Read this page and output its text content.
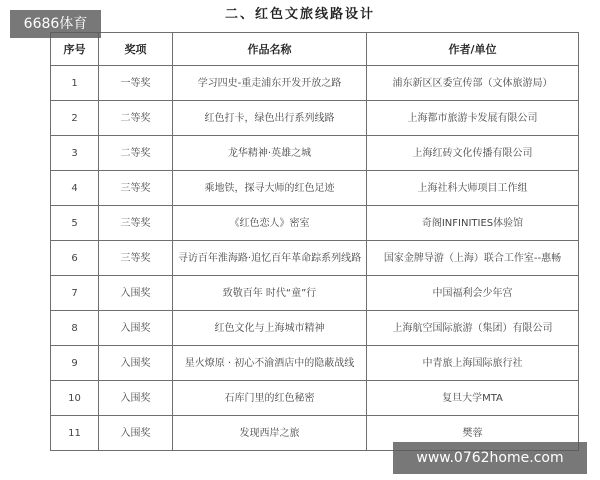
二、红色文旅线路设计
序号	奖项	作品名称	作者/单位
1	一等奖	学习四史-重走浦东开发开放之路	浦东新区区委宣传部（文体旅游局）
2	二等奖	红色打卡，绿色出行系列线路	上海都市旅游卡发展有限公司
3	二等奖	龙华精神·英雄之城	上海红砖文化传播有限公司
4	三等奖	乘地铁，探寻大师的红色足迹	上海社科大师项目工作组
5	三等奖	《红色恋人》密室	奇阁INFINITIES体验馆
6	三等奖	寻访百年淮海路·追忆百年革命踪系列线路	国家金牌导游（上海）联合工作室--惠畅
7	入围奖	致敬百年 时代“童”行	中国福利会少年宫
8	入围奖	红色文化与上海城市精神	上海航空国际旅游（集团）有限公司
9	入围奖	星火燎原 · 初心不渝酒店中的隐蔽战线	中青旅上海国际旅行社
10	入围奖	石库门里的红色秘密	复旦大学MTA
11	入围奖	发现西岸之旅	樊蓉
6686体育
www.0762home.com
